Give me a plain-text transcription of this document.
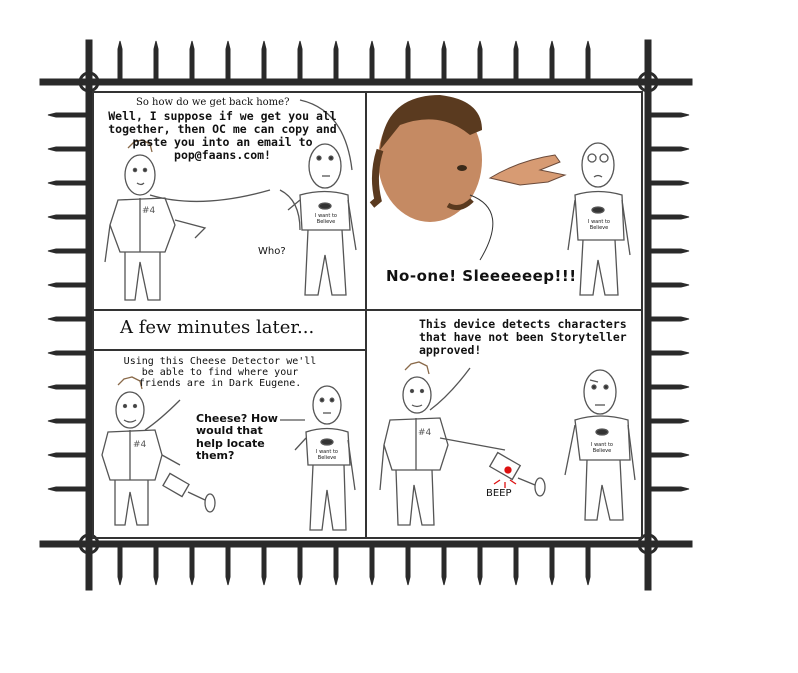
So how do we get back home?
Well, I suppose if we get you all together, then OC me can copy and paste you into an email to pop@faans.com!
Who?
#4	I want to Believe
No-one! Sleeeeeep!!!
I want to Believe
A few minutes later...
Using this Cheese Detector we'll be able to find where your friends are in Dark Eugene.
Cheese? How would that help locate them?
#4
I want to Believe
This device detects characters that have not been Storyteller approved!
BEEP
#4
I want to Believe
